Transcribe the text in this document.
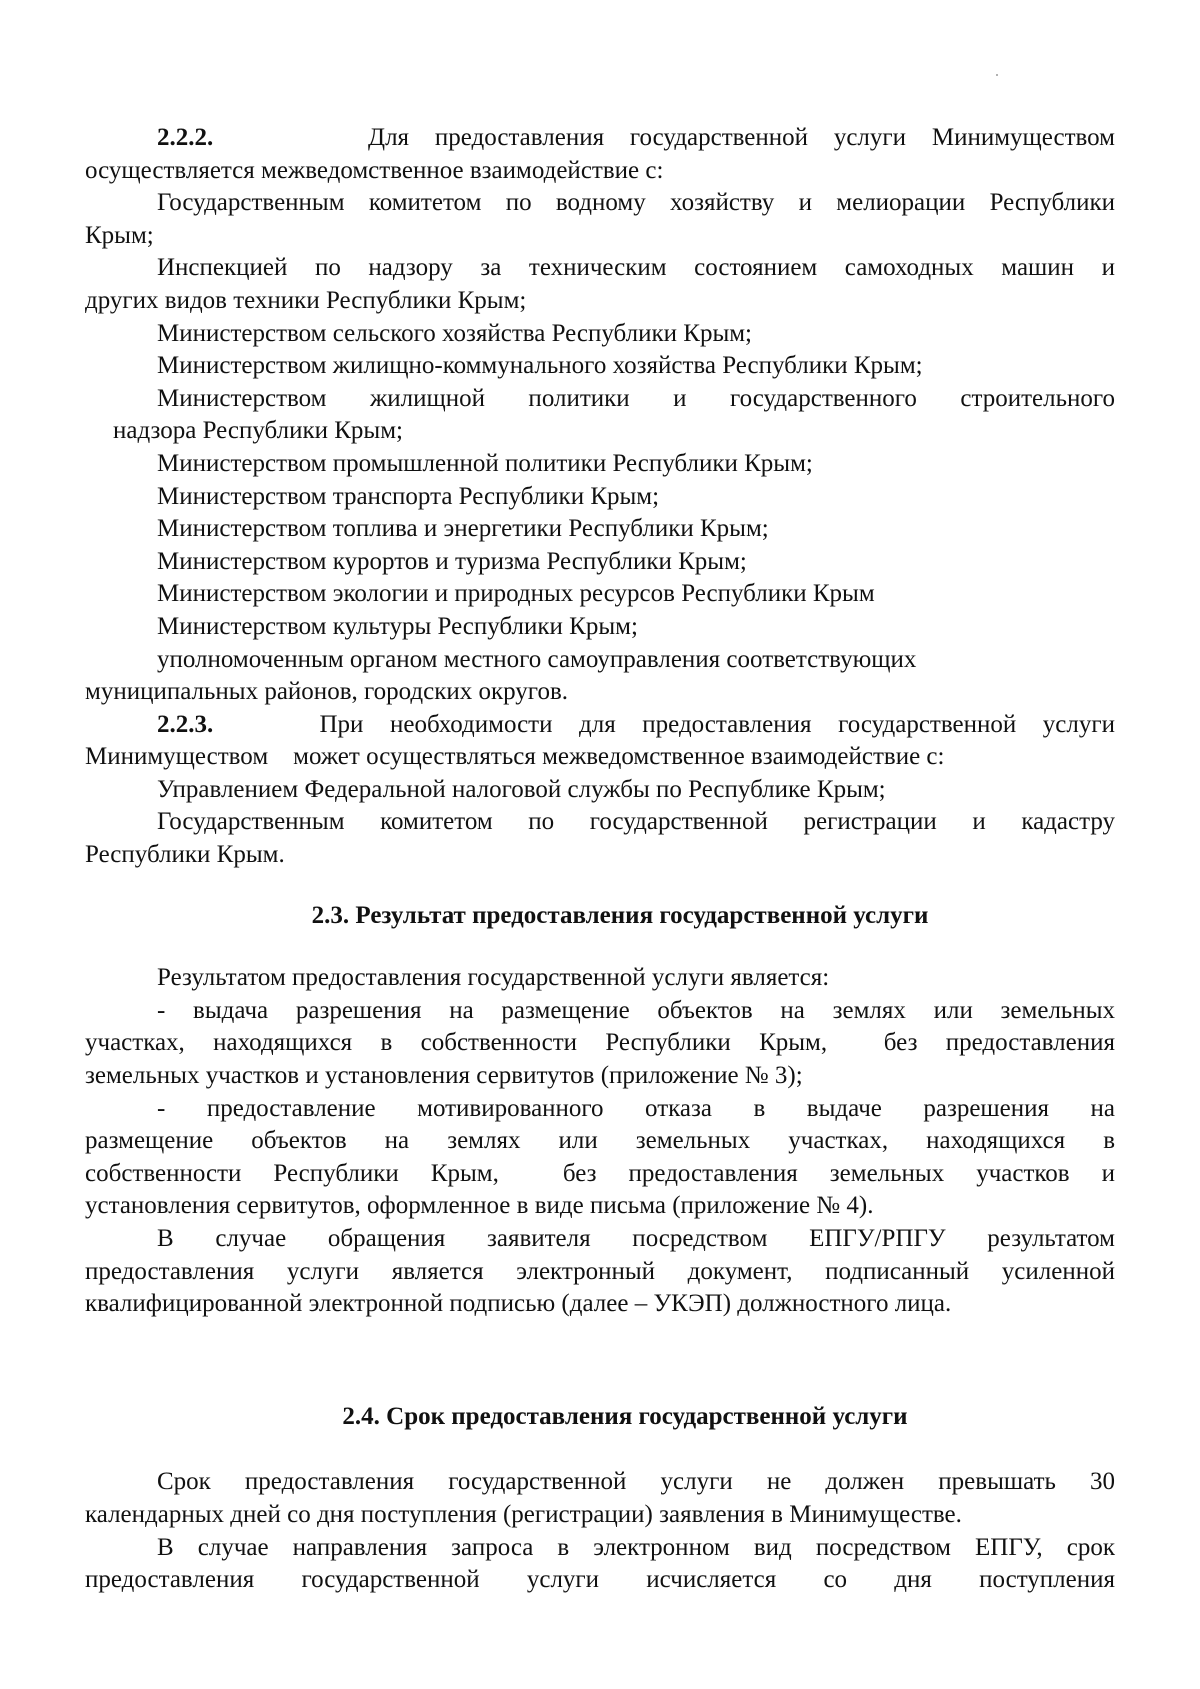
2.2.2.	Для предоставления государственной услуги Минимуществом

осуществляется межведомственное взаимодействие с:

Государственным комитетом по водному хозяйству и мелиорации Республики

Крым;

Инспекцией по надзору за техническим состоянием самоходных машин и

других видов техники Республики Крым;

Министерством сельского хозяйства Республики Крым;

Министерством жилищно-коммунального хозяйства Республики Крым;

Министерством жилищной политики и государственного строительного

надзора Республики Крым;

Министерством промышленной политики Республики Крым;

Министерством транспорта Республики Крым;

Министерством топлива и энергетики Республики Крым;

Министерством курортов и туризма Республики Крым;

Министерством экологии и природных ресурсов Республики Крым

Министерством культуры Республики Крым;

уполномоченным органом местного самоуправления соответствующих

муниципальных районов, городских округов.

2.2.3.	При необходимости для предоставления государственной услуги

Минимуществом    может осуществляться межведомственное взаимодействие с:

Управлением Федеральной налоговой службы по Республике Крым;

Государственным комитетом по государственной регистрации и кадастру

Республики Крым.

2.3. Результат предоставления государственной услуги

Результатом предоставления государственной услуги является:

- выдача разрешения на размещение объектов на землях или земельных

участках, находящихся в собственности Республики Крым,  без предоставления

земельных участков и установления сервитутов (приложение № 3);

- предоставление мотивированного отказа в выдаче разрешения на

размещение объектов на землях или земельных участках, находящихся в

собственности Республики Крым,  без предоставления земельных участков и

установления сервитутов, оформленное в виде письма (приложение № 4).

В случае обращения заявителя посредством ЕПГУ/РПГУ результатом

предоставления услуги является электронный документ, подписанный усиленной

квалифицированной электронной подписью (далее – УКЭП) должностного лица.

2.4. Срок предоставления государственной услуги

Срок предоставления государственной услуги не должен превышать 30

календарных дней со дня поступления (регистрации) заявления в Минимуществе.

В случае направления запроса в электронном вид посредством ЕПГУ, срок

предоставления государственной услуги исчисляется со дня поступления
